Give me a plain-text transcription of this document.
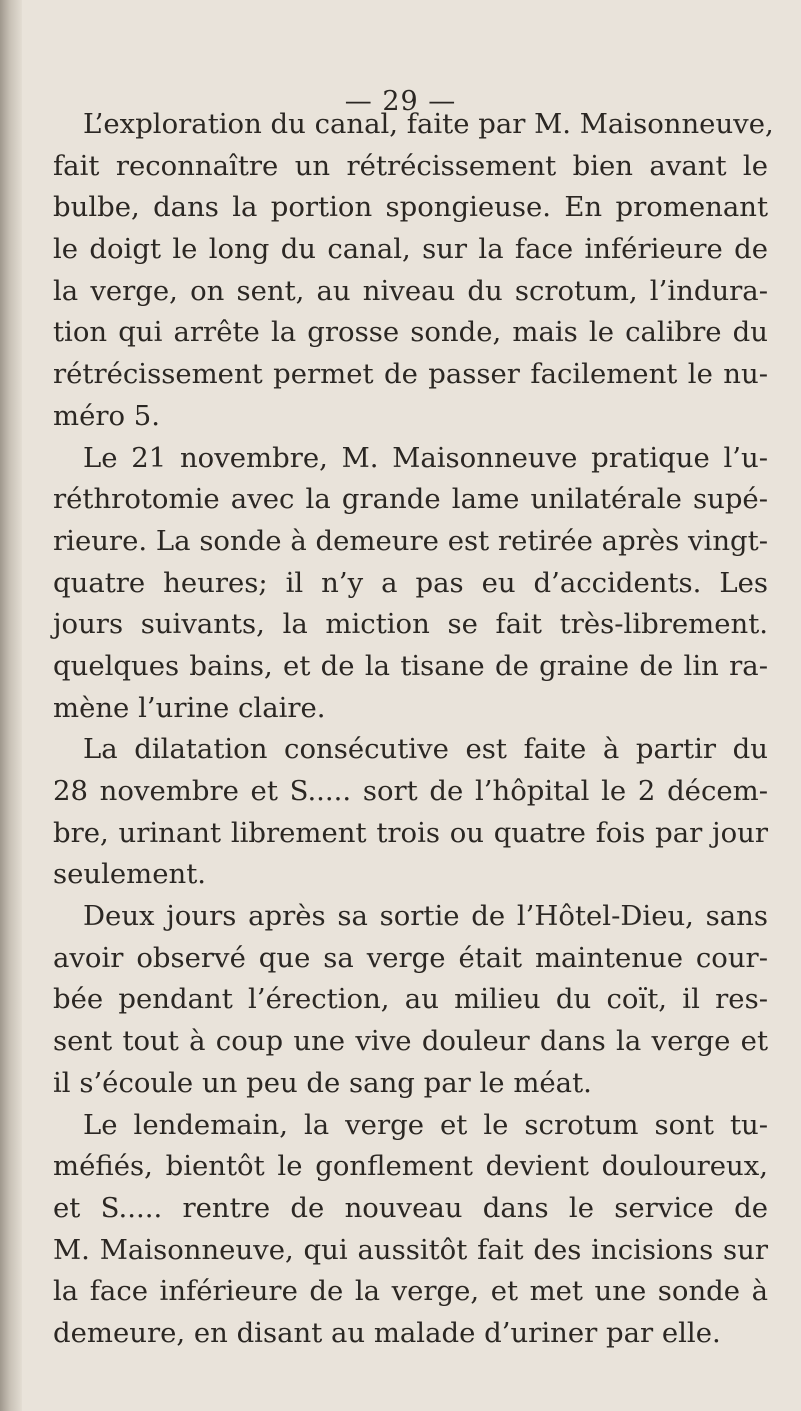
— 29 —
L’exploration du canal, faite par M. Maisonneuve,
fait reconnaître un rétrécissement bien avant le
bulbe, dans la portion spongieuse. En promenant
le doigt le long du canal, sur la face inférieure de
la verge, on sent, au niveau du scrotum, l’indura-
tion qui arrête la grosse sonde, mais le calibre du
rétrécissement permet de passer facilement le nu-
méro 5.
Le 21 novembre, M. Maisonneuve pratique l’u-
réthrotomie avec la grande lame unilatérale supé-
rieure. La sonde à demeure est retirée après vingt-
quatre heures; il n’y a pas eu d’accidents. Les
jours suivants, la miction se fait très-librement.
quelques bains, et de la tisane de graine de lin ra-
mène l’urine claire.
La dilatation consécutive est faite à partir du
28 novembre et S..... sort de l’hôpital le 2 décem-
bre, urinant librement trois ou quatre fois par jour
seulement.
Deux jours après sa sortie de l’Hôtel-Dieu, sans
avoir observé que sa verge était maintenue cour-
bée pendant l’érection, au milieu du coït, il res-
sent tout à coup une vive douleur dans la verge et
il s’écoule un peu de sang par le méat.
Le lendemain, la verge et le scrotum sont tu-
méfiés, bientôt le gonflement devient douloureux,
et S..... rentre de nouveau dans le service de
M. Maisonneuve, qui aussitôt fait des incisions sur
la face inférieure de la verge, et met une sonde à
demeure, en disant au malade d’uriner par elle.
